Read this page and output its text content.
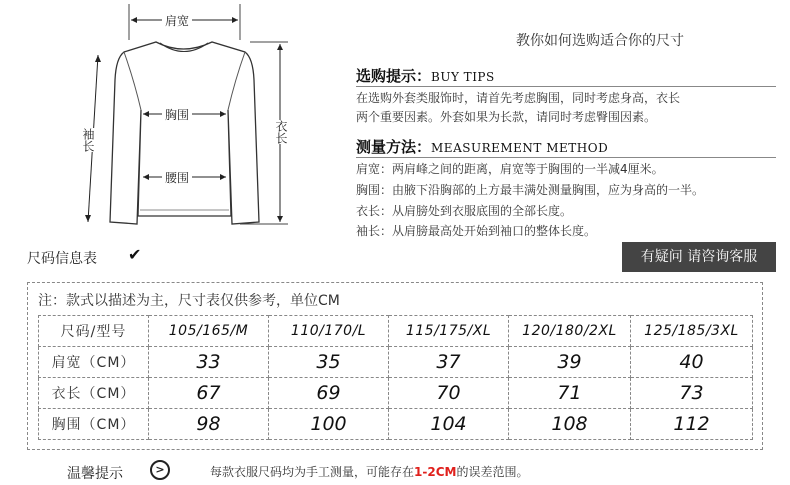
肩宽
胸围
腰围
袖长	衣长
教你如何选购适合你的尺寸
选购提示：BUY TIPS
在选购外套类服饰时，请首先考虑胸围，同时考虑身高，衣长
两个重要因素。外套如果为长款，请同时考虑臀围因素。
测量方法：MEASUREMENT METHOD
肩宽：两肩峰之间的距离，肩宽等于胸围的一半减4厘米。
胸围：由腋下沿胸部的上方最丰满处测量胸围，应为身高的一半。
衣长：从肩膀处到衣服底围的全部长度。
袖长：从肩膀最高处开始到袖口的整体长度。
尺码信息表 ✔	有疑问 请咨询客服
注：款式以描述为主，尺寸表仅供参考，单位CM
尺码/型号	105/165/M	110/170/L	115/175/XL	120/180/2XL	125/185/3XL
肩宽（CM）	33	35	37	39	40
衣长（CM）	67	69	70	71	73
胸围（CM）	98	100	104	108	112
温馨提示	>	每款衣服尺码均为手工测量，可能存在1-2CM的误差范围。
